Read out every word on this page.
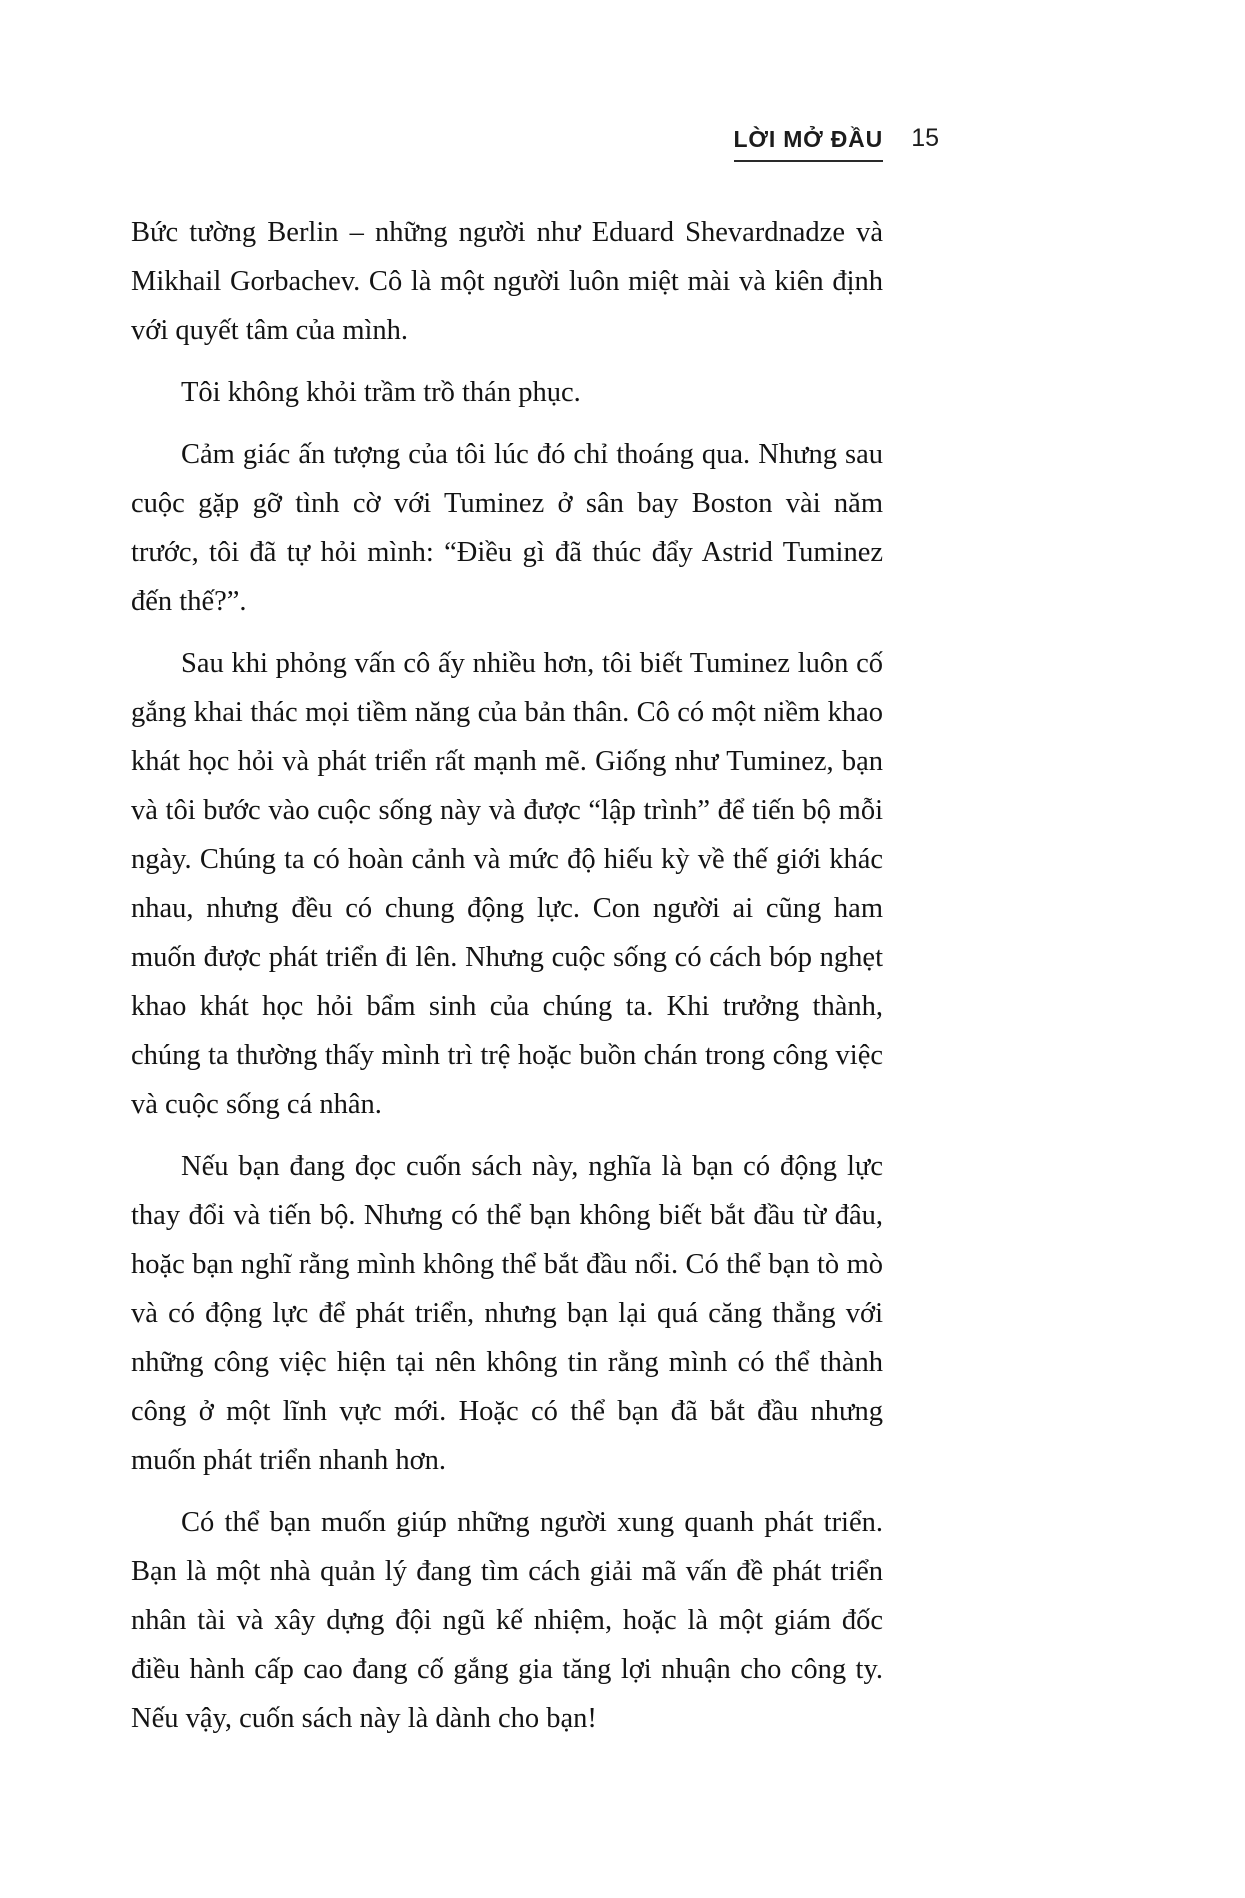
LỜI MỞ ĐẦU 15

Bức tường Berlin – những người như Eduard Shevardnadze và Mikhail Gorbachev. Cô là một người luôn miệt mài và kiên định với quyết tâm của mình.

Tôi không khỏi trầm trồ thán phục.

Cảm giác ấn tượng của tôi lúc đó chỉ thoáng qua. Nhưng sau cuộc gặp gỡ tình cờ với Tuminez ở sân bay Boston vài năm trước, tôi đã tự hỏi mình: “Điều gì đã thúc đẩy Astrid Tuminez đến thế?”.

Sau khi phỏng vấn cô ấy nhiều hơn, tôi biết Tuminez luôn cố gắng khai thác mọi tiềm năng của bản thân. Cô có một niềm khao khát học hỏi và phát triển rất mạnh mẽ. Giống như Tuminez, bạn và tôi bước vào cuộc sống này và được “lập trình” để tiến bộ mỗi ngày. Chúng ta có hoàn cảnh và mức độ hiếu kỳ về thế giới khác nhau, nhưng đều có chung động lực. Con người ai cũng ham muốn được phát triển đi lên. Nhưng cuộc sống có cách bóp nghẹt khao khát học hỏi bẩm sinh của chúng ta. Khi trưởng thành, chúng ta thường thấy mình trì trệ hoặc buồn chán trong công việc và cuộc sống cá nhân.

Nếu bạn đang đọc cuốn sách này, nghĩa là bạn có động lực thay đổi và tiến bộ. Nhưng có thể bạn không biết bắt đầu từ đâu, hoặc bạn nghĩ rằng mình không thể bắt đầu nổi. Có thể bạn tò mò và có động lực để phát triển, nhưng bạn lại quá căng thẳng với những công việc hiện tại nên không tin rằng mình có thể thành công ở một lĩnh vực mới. Hoặc có thể bạn đã bắt đầu nhưng muốn phát triển nhanh hơn.

Có thể bạn muốn giúp những người xung quanh phát triển. Bạn là một nhà quản lý đang tìm cách giải mã vấn đề phát triển nhân tài và xây dựng đội ngũ kế nhiệm, hoặc là một giám đốc điều hành cấp cao đang cố gắng gia tăng lợi nhuận cho công ty. Nếu vậy, cuốn sách này là dành cho bạn!
